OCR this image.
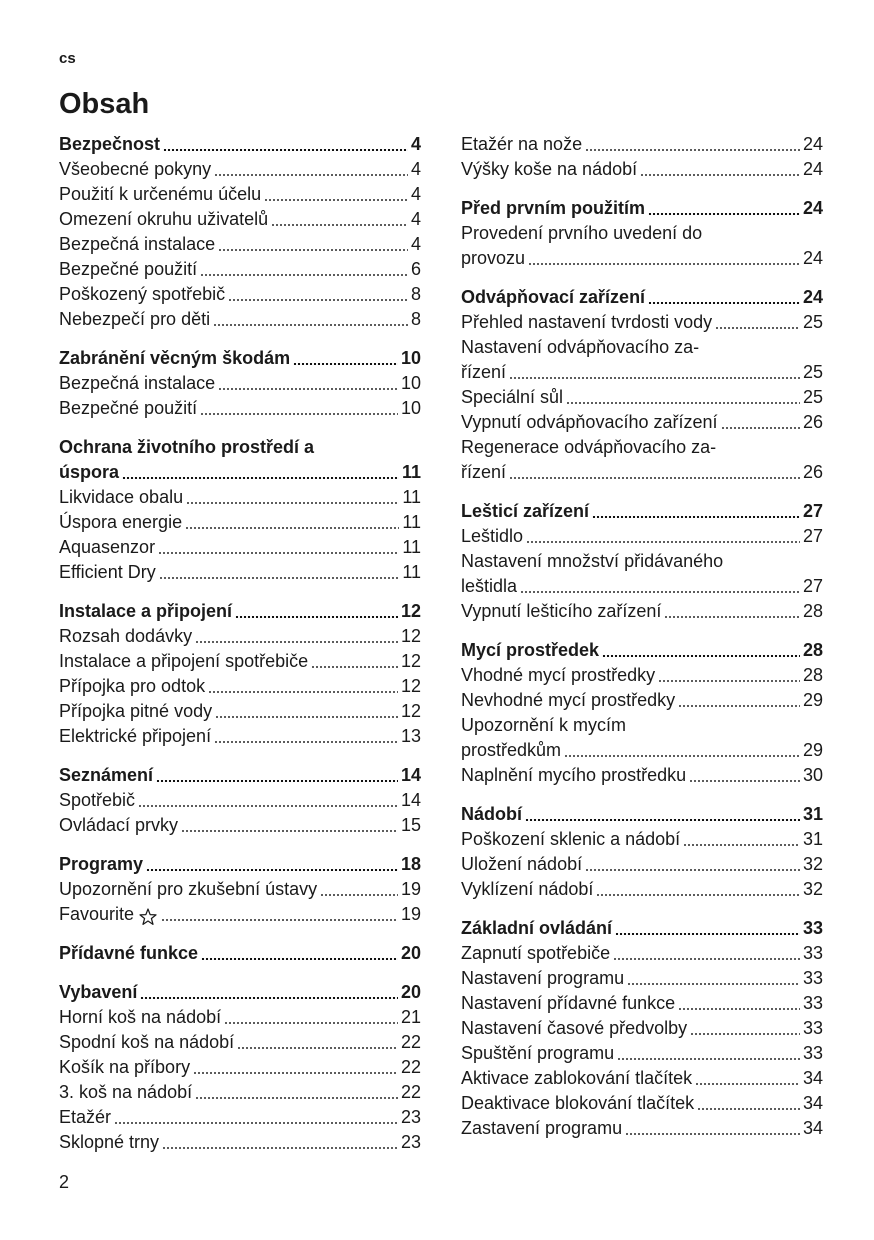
cs
Obsah
Bezpečnost	4
Všeobecné pokyny	4
Použití k určenému účelu	4
Omezení okruhu uživatelů	4
Bezpečná instalace	4
Bezpečné použití	6
Poškozený spotřebič	8
Nebezpečí pro děti	8
Zabránění věcným škodám	10
Bezpečná instalace	10
Bezpečné použití	10
Ochrana životního prostředí a
úspora	11
Likvidace obalu	11
Úspora energie	11
Aquasenzor	11
Efficient Dry	11
Instalace a připojení	12
Rozsah dodávky	12
Instalace a připojení spotřebiče	12
Přípojka pro odtok	12
Přípojka pitné vody	12
Elektrické připojení	13
Seznámení	14
Spotřebič	14
Ovládací prvky	15
Programy	18
Upozornění pro zkušební ústavy	19
Favourite	19
Přídavné funkce	20
Vybavení	20
Horní koš na nádobí	21
Spodní koš na nádobí	22
Košík na příbory	22
3. koš na nádobí	22
Etažér	23
Sklopné trny	23
Etažér na nože	24
Výšky koše na nádobí	24
Před prvním použitím	24
Provedení prvního uvedení do
provozu	24
Odvápňovací zařízení	24
Přehled nastavení tvrdosti vody	25
Nastavení odvápňovacího za-
řízení	25
Speciální sůl	25
Vypnutí odvápňovacího zařízení	26
Regenerace odvápňovacího za-
řízení	26
Lešticí zařízení	27
Leštidlo	27
Nastavení množství přidávaného
leštidla	27
Vypnutí lešticího zařízení	28
Mycí prostředek	28
Vhodné mycí prostředky	28
Nevhodné mycí prostředky	29
Upozornění k mycím
prostředkům	29
Naplnění mycího prostředku	30
Nádobí	31
Poškození sklenic a nádobí	31
Uložení nádobí	32
Vyklízení nádobí	32
Základní ovládání	33
Zapnutí spotřebiče	33
Nastavení programu	33
Nastavení přídavné funkce	33
Nastavení časové předvolby	33
Spuštění programu	33
Aktivace zablokování tlačítek	34
Deaktivace blokování tlačítek	34
Zastavení programu	34
2
